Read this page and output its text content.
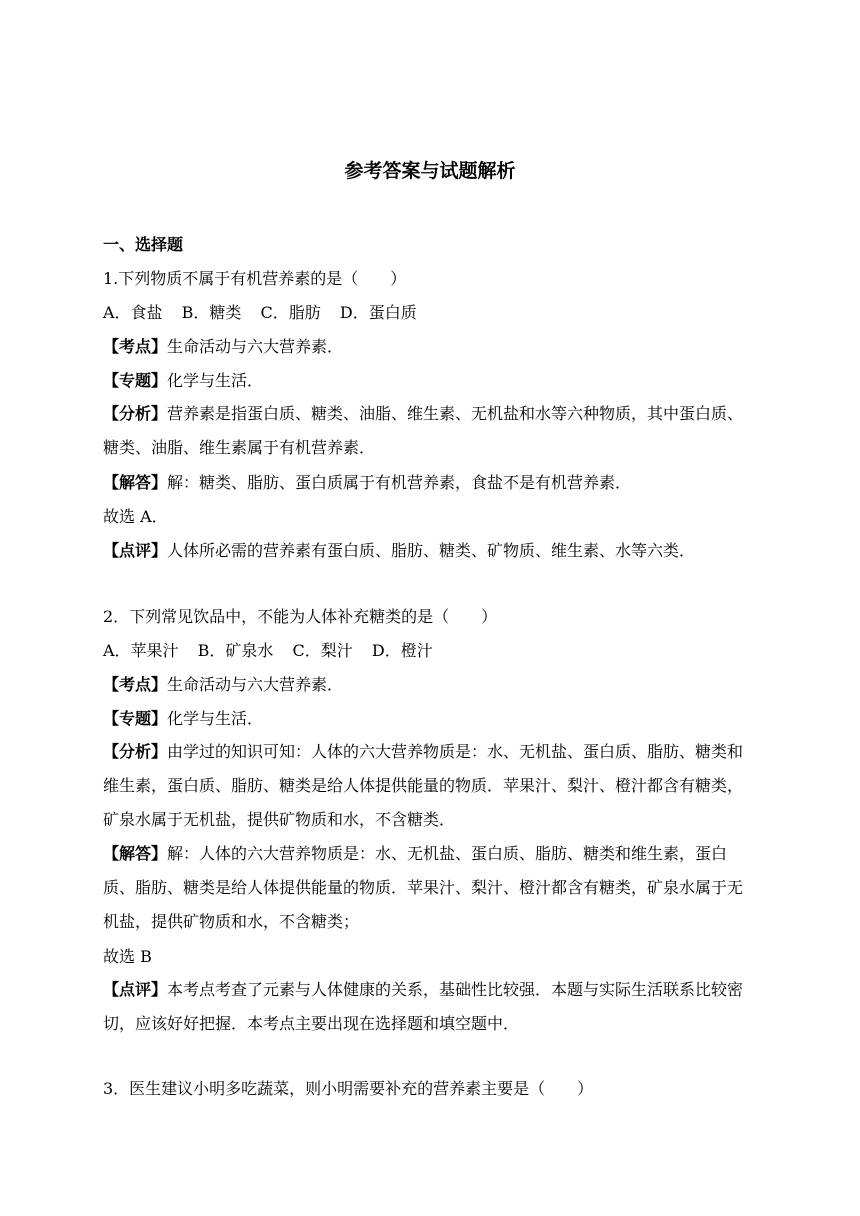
参考答案与试题解析
一、选择题
1.下列物质不属于有机营养素的是（　　）
A．食盐 B．糖类 C．脂肪 D．蛋白质
【考点】生命活动与六大营养素．
【专题】化学与生活．
【分析】营养素是指蛋白质、糖类、油脂、维生素、无机盐和水等六种物质，其中蛋白质、糖类、油脂、维生素属于有机营养素．
【解答】解：糖类、脂肪、蛋白质属于有机营养素，食盐不是有机营养素．
故选 A．
【点评】人体所必需的营养素有蛋白质、脂肪、糖类、矿物质、维生素、水等六类．
2．下列常见饮品中，不能为人体补充糖类的是（　　）
A．苹果汁 B．矿泉水 C．梨汁 D．橙汁
【考点】生命活动与六大营养素．
【专题】化学与生活．
【分析】由学过的知识可知：人体的六大营养物质是：水、无机盐、蛋白质、脂肪、糖类和维生素，蛋白质、脂肪、糖类是给人体提供能量的物质．苹果汁、梨汁、橙汁都含有糖类，矿泉水属于无机盐，提供矿物质和水，不含糖类．
【解答】解：人体的六大营养物质是：水、无机盐、蛋白质、脂肪、糖类和维生素，蛋白质、脂肪、糖类是给人体提供能量的物质．苹果汁、梨汁、橙汁都含有糖类，矿泉水属于无机盐，提供矿物质和水，不含糖类；
故选 B
【点评】本考点考查了元素与人体健康的关系，基础性比较强．本题与实际生活联系比较密切，应该好好把握．本考点主要出现在选择题和填空题中．
3．医生建议小明多吃蔬菜，则小明需要补充的营养素主要是（　　）
